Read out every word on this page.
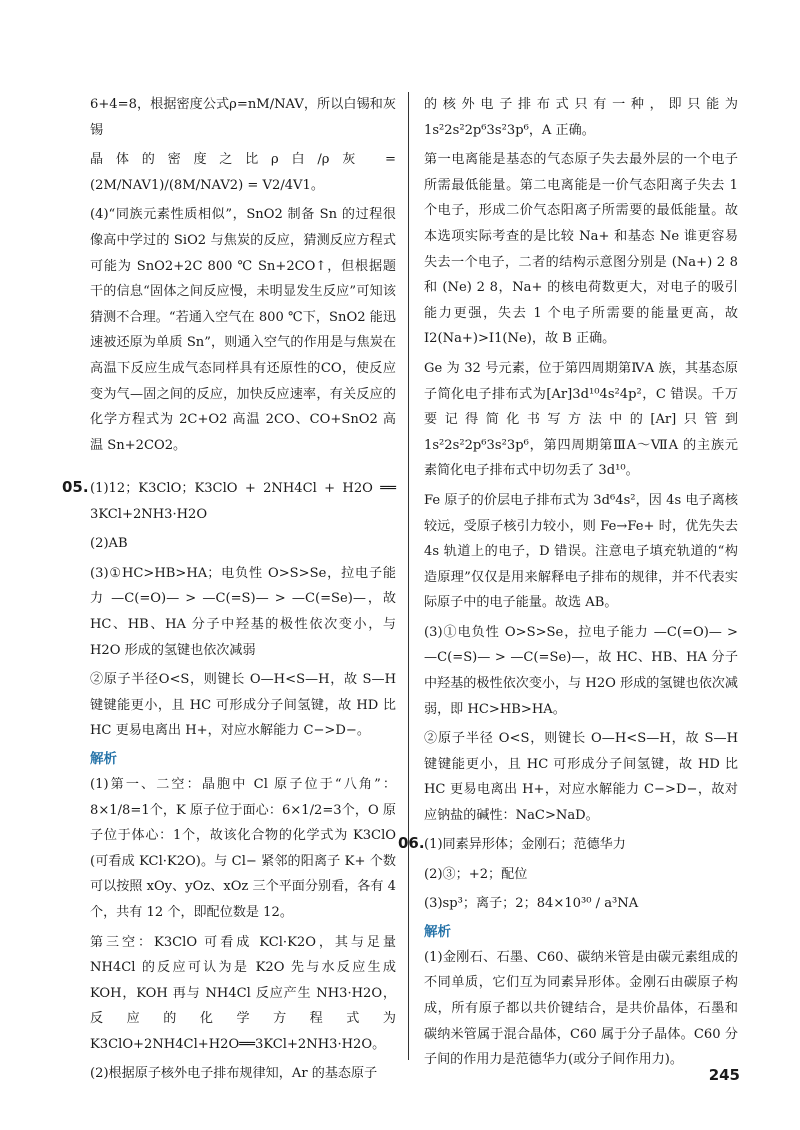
6+4=8，根据密度公式ρ=nM/NAV，所以白锡和灰锡

晶体的密度之比ρ白/ρ灰 = (2M/NAV1)/(8M/NAV2) = V2/4V1。

(4)“同族元素性质相似”，SnO2 制备 Sn 的过程很像高中学过的 SiO2 与焦炭的反应，猜测反应方程式可能为 SnO2+2C 800 ℃ Sn+2CO↑，但根据题干的信息“固体之间反应慢，未明显发生反应”可知该猜测不合理。“若通入空气在 800 ℃下，SnO2 能迅速被还原为单质 Sn”，则通入空气的作用是与焦炭在高温下反应生成气态同样具有还原性的CO，使反应变为气—固之间的反应，加快反应速率，有关反应的化学方程式为 2C+O2 高温 2CO、CO+SnO2 高温 Sn+2CO2。

05. (1)12；K3ClO；K3ClO + 2NH4Cl + H2O ══ 3KCl+2NH3·H2O

(2)AB

(3)①HC>HB>HA；电负性 O>S>Se，拉电子能力 —C(=O)— > —C(=S)— > —C(=Se)—，故 HC、HB、HA 分子中羟基的极性依次变小，与 H2O 形成的氢键也依次减弱

②原子半径O<S，则键长 O—H<S—H，故 S—H 键键能更小，且 HC 可形成分子间氢键，故 HD 比 HC 更易电离出 H+，对应水解能力 C−>D−。

解析

(1)第一、二空：晶胞中 Cl 原子位于“八角”：8×1/8=1个，K 原子位于面心：6×1/2=3个，O 原子位于体心：1个，故该化合物的化学式为 K3ClO (可看成 KCl·K2O)。与 Cl− 紧邻的阳离子 K+ 个数可以按照 xOy、yOz、xOz 三个平面分别看，各有 4 个，共有 12 个，即配位数是 12。

第三空：K3ClO 可看成 KCl·K2O，其与足量 NH4Cl 的反应可认为是 K2O 先与水反应生成 KOH，KOH 再与 NH4Cl 反应产生 NH3·H2O，反应的化学方程式为 K3ClO+2NH4Cl+H2O══3KCl+2NH3·H2O。

(2)根据原子核外电子排布规律知，Ar 的基态原子

的核外电子排布式只有一种，即只能为 1s²2s²2p⁶3s²3p⁶，A 正确。

第一电离能是基态的气态原子失去最外层的一个电子所需最低能量。第二电离能是一价气态阳离子失去 1 个电子，形成二价气态阳离子所需要的最低能量。故本选项实际考查的是比较 Na+ 和基态 Ne 谁更容易失去一个电子，二者的结构示意图分别是 (Na+) 2 8 和 (Ne) 2 8，Na+ 的核电荷数更大，对电子的吸引能力更强，失去 1 个电子所需要的能量更高，故 I2(Na+)>I1(Ne)，故 B 正确。

Ge 为 32 号元素，位于第四周期第ⅣA 族，其基态原子简化电子排布式为[Ar]3d¹⁰4s²4p²，C 错误。千万要记得简化书写方法中的[Ar]只管到 1s²2s²2p⁶3s²3p⁶，第四周期第ⅢA～ⅦA 的主族元素简化电子排布式中切勿丢了 3d¹⁰。

Fe 原子的价层电子排布式为 3d⁶4s²，因 4s 电子离核较远，受原子核引力较小，则 Fe→Fe+ 时，优先失去 4s 轨道上的电子，D 错误。注意电子填充轨道的“构造原理”仅仅是用来解释电子排布的规律，并不代表实际原子中的电子能量。故选 AB。

(3)①电负性 O>S>Se，拉电子能力 —C(=O)— > —C(=S)— > —C(=Se)—，故 HC、HB、HA 分子中羟基的极性依次变小，与 H2O 形成的氢键也依次减弱，即 HC>HB>HA。

②原子半径 O<S，则键长 O—H<S—H，故 S—H 键键能更小，且 HC 可形成分子间氢键，故 HD 比 HC 更易电离出 H+，对应水解能力 C−>D−，故对应钠盐的碱性：NaC>NaD。

06. (1)同素异形体；金刚石；范德华力

(2)③；+2；配位

(3)sp³；离子；2；84×10³⁰ / a³NA

解析

(1)金刚石、石墨、C60、碳纳米管是由碳元素组成的不同单质，它们互为同素异形体。金刚石由碳原子构成，所有原子都以共价键结合，是共价晶体，石墨和碳纳米管属于混合晶体，C60 属于分子晶体。C60 分子间的作用力是范德华力(或分子间作用力)。

245
